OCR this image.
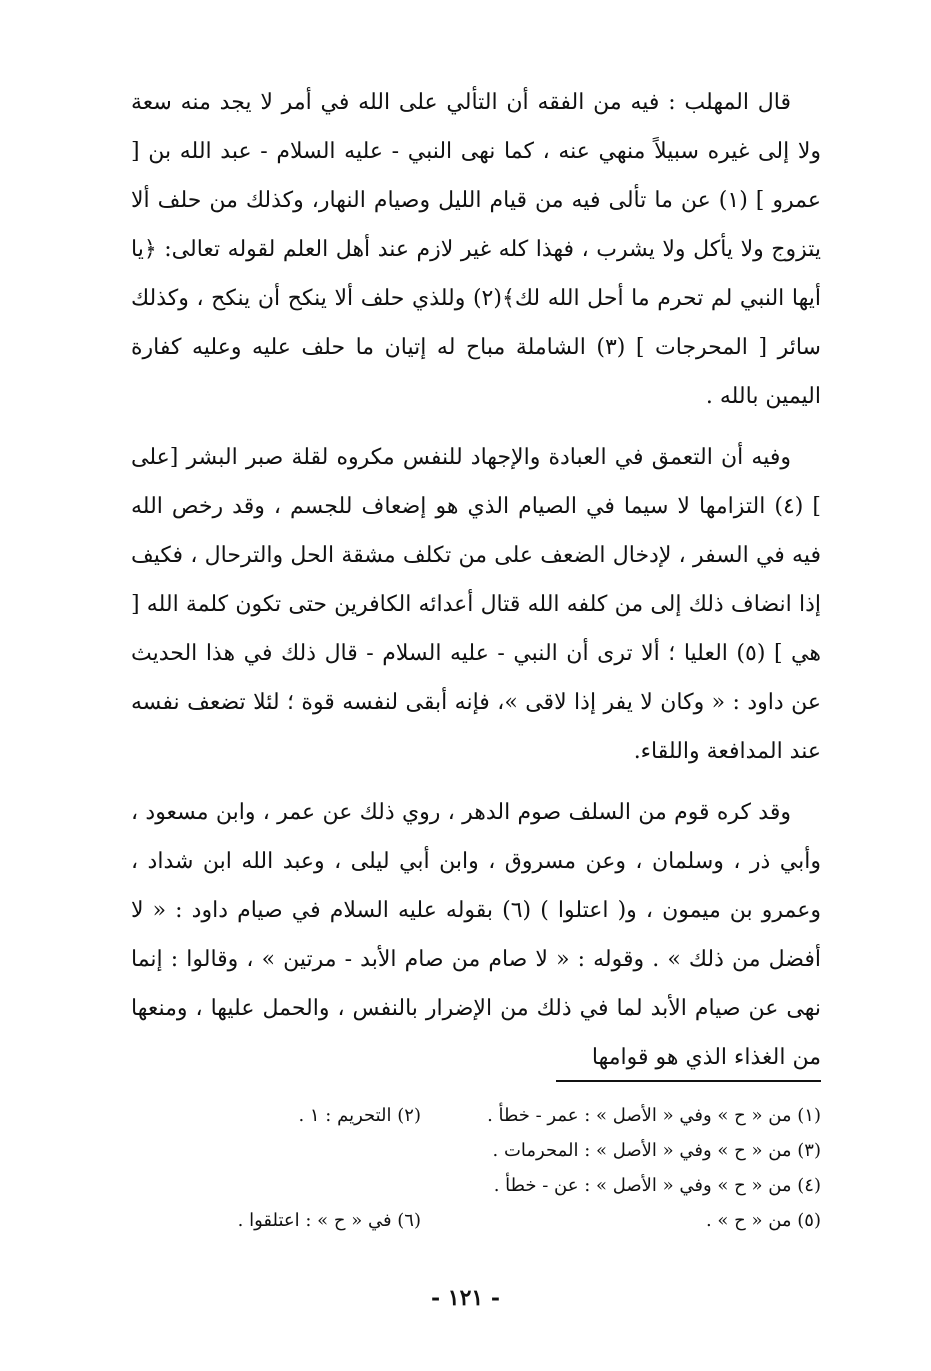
قال المهلب : فيه من الفقه أن التألي على الله في أمر لا يجد منه سعة ولا إلى غيره سبيلاً منهي عنه ، كما نهى النبي - عليه السلام - عبد الله بن [ عمرو ] (١) عن ما تألى فيه من قيام الليل وصيام النهار، وكذلك من حلف ألا يتزوج ولا يأكل ولا يشرب ، فهذا كله غير لازم عند أهل العلم لقوله تعالى: ﴿يا أيها النبي لم تحرم ما أحل الله لك﴾(٢) وللذي حلف ألا ينكح أن ينكح ، وكذلك سائر [ المحرجات ] (٣) الشاملة مباح له إتيان ما حلف عليه وعليه كفارة اليمين بالله .

وفيه أن التعمق في العبادة والإجهاد للنفس مكروه لقلة صبر البشر [على ] (٤) التزامها لا سيما في الصيام الذي هو إضعاف للجسم ، وقد رخص الله فيه في السفر ، لإدخال الضعف على من تكلف مشقة الحل والترحال ، فكيف إذا انضاف ذلك إلى من كلفه الله قتال أعدائه الكافرين حتى تكون كلمة الله [ هي ] (٥) العليا ؛ ألا ترى أن النبي - عليه السلام - قال ذلك في هذا الحديث عن داود : « وكان لا يفر إذا لاقى »، فإنه أبقى لنفسه قوة ؛ لئلا تضعف نفسه عند المدافعة واللقاء.

وقد كره قوم من السلف صوم الدهر ، روي ذلك عن عمر ، وابن مسعود ، وأبي ذر ، وسلمان ، وعن مسروق ، وابن أبي ليلى ، وعبد الله ابن شداد ، وعمرو بن ميمون ، و( اعتلوا ) (٦) بقوله عليه السلام في صيام داود : « لا أفضل من ذلك » . وقوله : « لا صام من صام الأبد - مرتين » ، وقالوا : إنما نهى عن صيام الأبد لما في ذلك من الإضرار بالنفس ، والحمل عليها ، ومنعها من الغذاء الذي هو قوامها

(١) من « ح » وفي « الأصل » : عمر - خطأ .
(٢) التحريم : ١ .
(٣) من « ح » وفي « الأصل » : المحرمات .
(٤) من « ح » وفي « الأصل » : عن - خطأ .
(٥) من « ح » .
(٦) في « ح » : اعتلقوا .
- ١٢١ -
